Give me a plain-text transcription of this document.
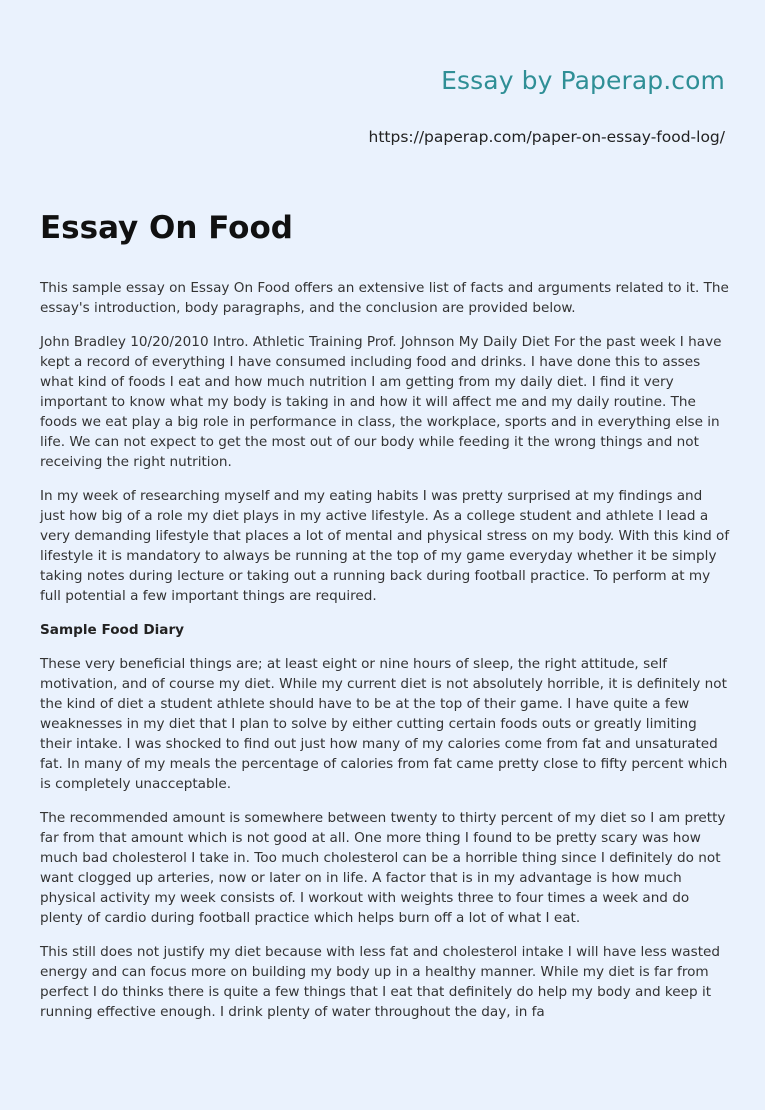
Essay by Paperap.com
https://paperap.com/paper-on-essay-food-log/
Essay On Food

This sample essay on Essay On Food offers an extensive list of facts and arguments related to it. The essay's introduction, body paragraphs, and the conclusion are provided below.

John Bradley 10/20/2010 Intro. Athletic Training Prof. Johnson My Daily Diet For the past week I have kept a record of everything I have consumed including food and drinks. I have done this to asses what kind of foods I eat and how much nutrition I am getting from my daily diet. I find it very important to know what my body is taking in and how it will affect me and my daily routine. The foods we eat play a big role in performance in class, the workplace, sports and in everything else in life. We can not expect to get the most out of our body while feeding it the wrong things and not receiving the right nutrition.

In my week of researching myself and my eating habits I was pretty surprised at my findings and just how big of a role my diet plays in my active lifestyle. As a college student and athlete I lead a very demanding lifestyle that places a lot of mental and physical stress on my body. With this kind of lifestyle it is mandatory to always be running at the top of my game everyday whether it be simply taking notes during lecture or taking out a running back during football practice. To perform at my full potential a few important things are required.

Sample Food Diary

These very beneficial things are; at least eight or nine hours of sleep, the right attitude, self motivation, and of course my diet. While my current diet is not absolutely horrible, it is definitely not the kind of diet a student athlete should have to be at the top of their game. I have quite a few weaknesses in my diet that I plan to solve by either cutting certain foods outs or greatly limiting their intake. I was shocked to find out just how many of my calories come from fat and unsaturated fat. In many of my meals the percentage of calories from fat came pretty close to fifty percent which is completely unacceptable.

The recommended amount is somewhere between twenty to thirty percent of my diet so I am pretty far from that amount which is not good at all. One more thing I found to be pretty scary was how much bad cholesterol I take in. Too much cholesterol can be a horrible thing since I definitely do not want clogged up arteries, now or later on in life. A factor that is in my advantage is how much physical activity my week consists of. I workout with weights three to four times a week and do plenty of cardio during football practice which helps burn off a lot of what I eat.

This still does not justify my diet because with less fat and cholesterol intake I will have less wasted energy and can focus more on building my body up in a healthy manner. While my diet is far from perfect I do thinks there is quite a few things that I eat that definitely do help my body and keep it running effective enough. I drink plenty of water throughout the day, in fa
